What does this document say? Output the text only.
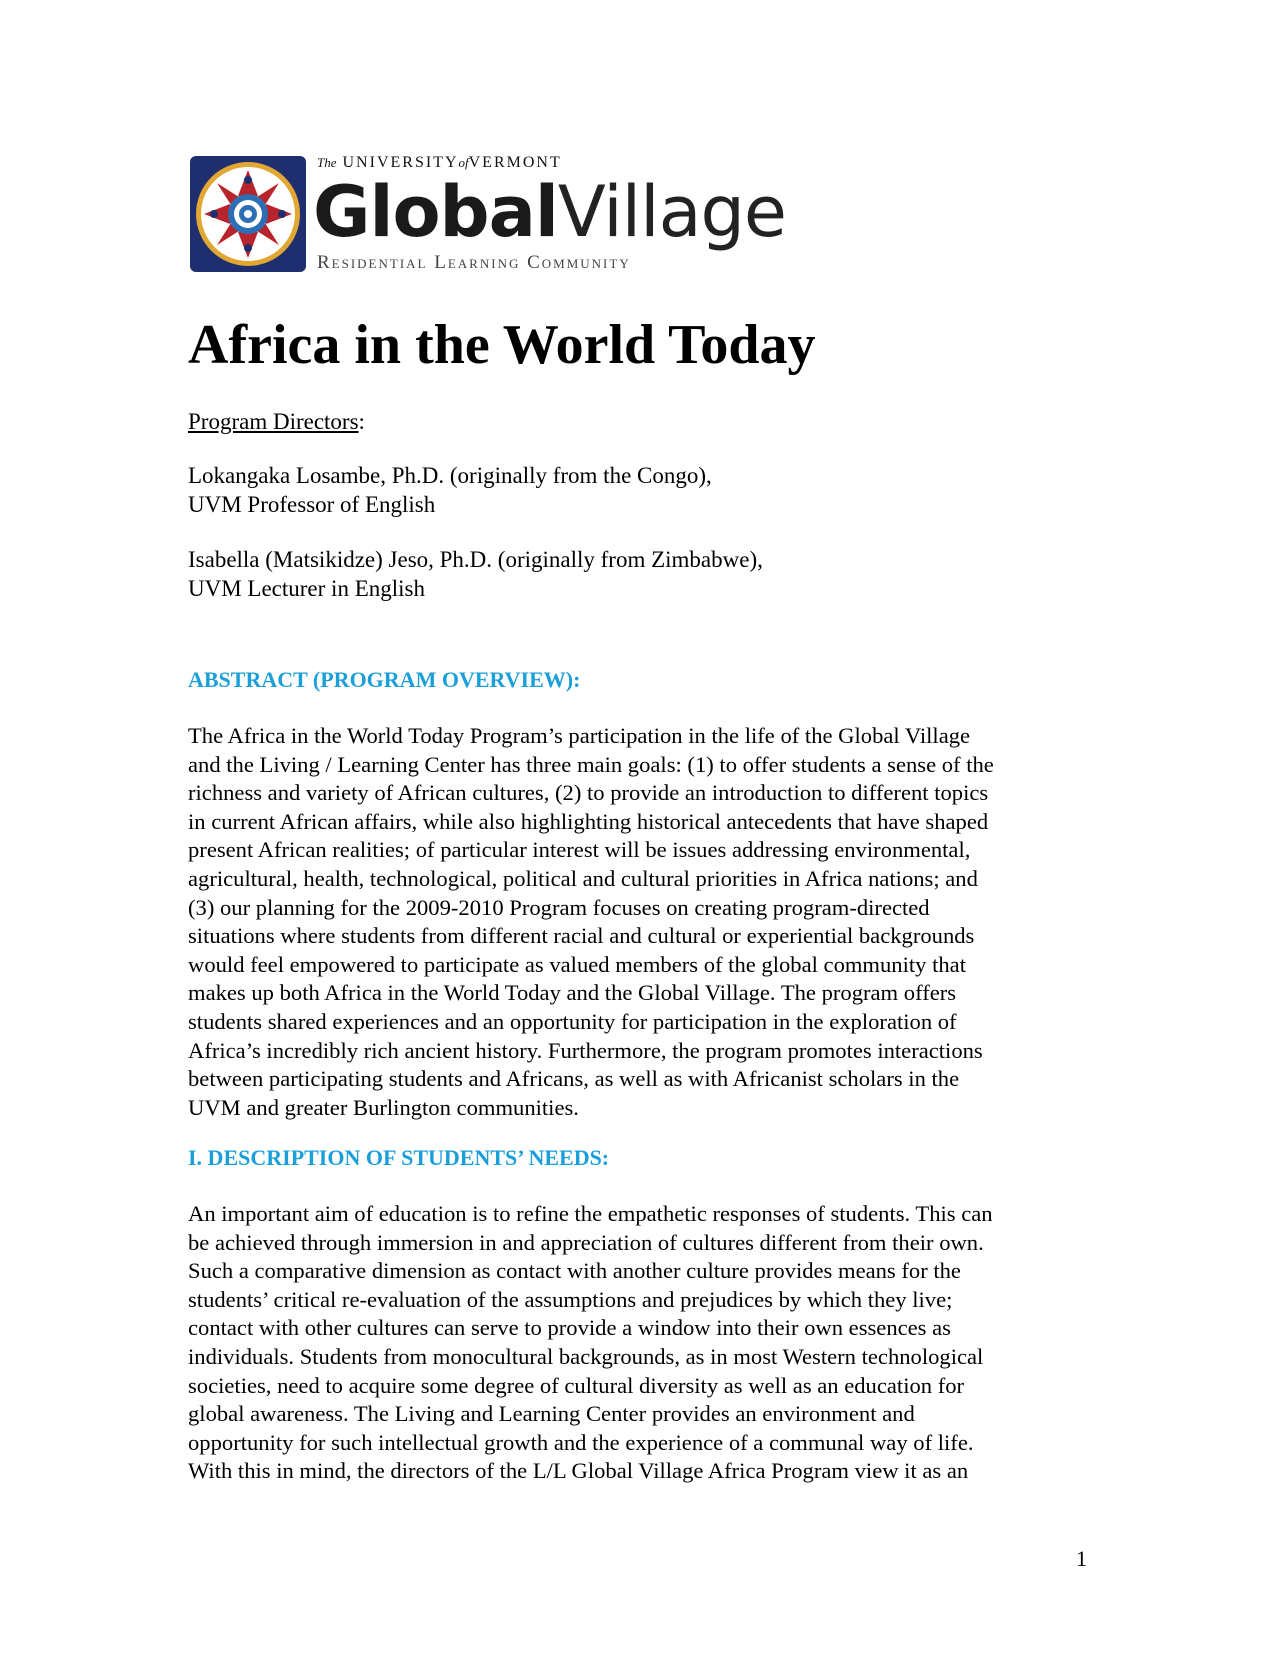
The UNIVERSITYofVERMONT
GlobalVillage
Residential Learning Community
Africa in the World Today
Program Directors:
Lokangaka Losambe, Ph.D. (originally from the Congo),
UVM Professor of English
Isabella (Matsikidze) Jeso, Ph.D. (originally from Zimbabwe),
UVM Lecturer in English
ABSTRACT (PROGRAM OVERVIEW):
The Africa in the World Today Program’s participation in the life of the Global Village
and the Living / Learning Center has three main goals: (1) to offer students a sense of the
richness and variety of African cultures, (2) to provide an introduction to different topics
in current African affairs, while also highlighting historical antecedents that have shaped
present African realities; of particular interest will be issues addressing environmental,
agricultural, health, technological, political and cultural priorities in Africa nations; and
(3) our planning for the 2009-2010 Program focuses on creating program-directed
situations where students from different racial and cultural or experiential backgrounds
would feel empowered to participate as valued members of the global community that
makes up both Africa in the World Today and the Global Village. The program offers
students shared experiences and an opportunity for participation in the exploration of
Africa’s incredibly rich ancient history. Furthermore, the program promotes interactions
between participating students and Africans, as well as with Africanist scholars in the
UVM and greater Burlington communities.
I. DESCRIPTION OF STUDENTS’ NEEDS:
An important aim of education is to refine the empathetic responses of students. This can
be achieved through immersion in and appreciation of cultures different from their own.
Such a comparative dimension as contact with another culture provides means for the
students’ critical re-evaluation of the assumptions and prejudices by which they live;
contact with other cultures can serve to provide a window into their own essences as
individuals. Students from monocultural backgrounds, as in most Western technological
societies, need to acquire some degree of cultural diversity as well as an education for
global awareness. The Living and Learning Center provides an environment and
opportunity for such intellectual growth and the experience of a communal way of life.
With this in mind, the directors of the L/L Global Village Africa Program view it as an
1
